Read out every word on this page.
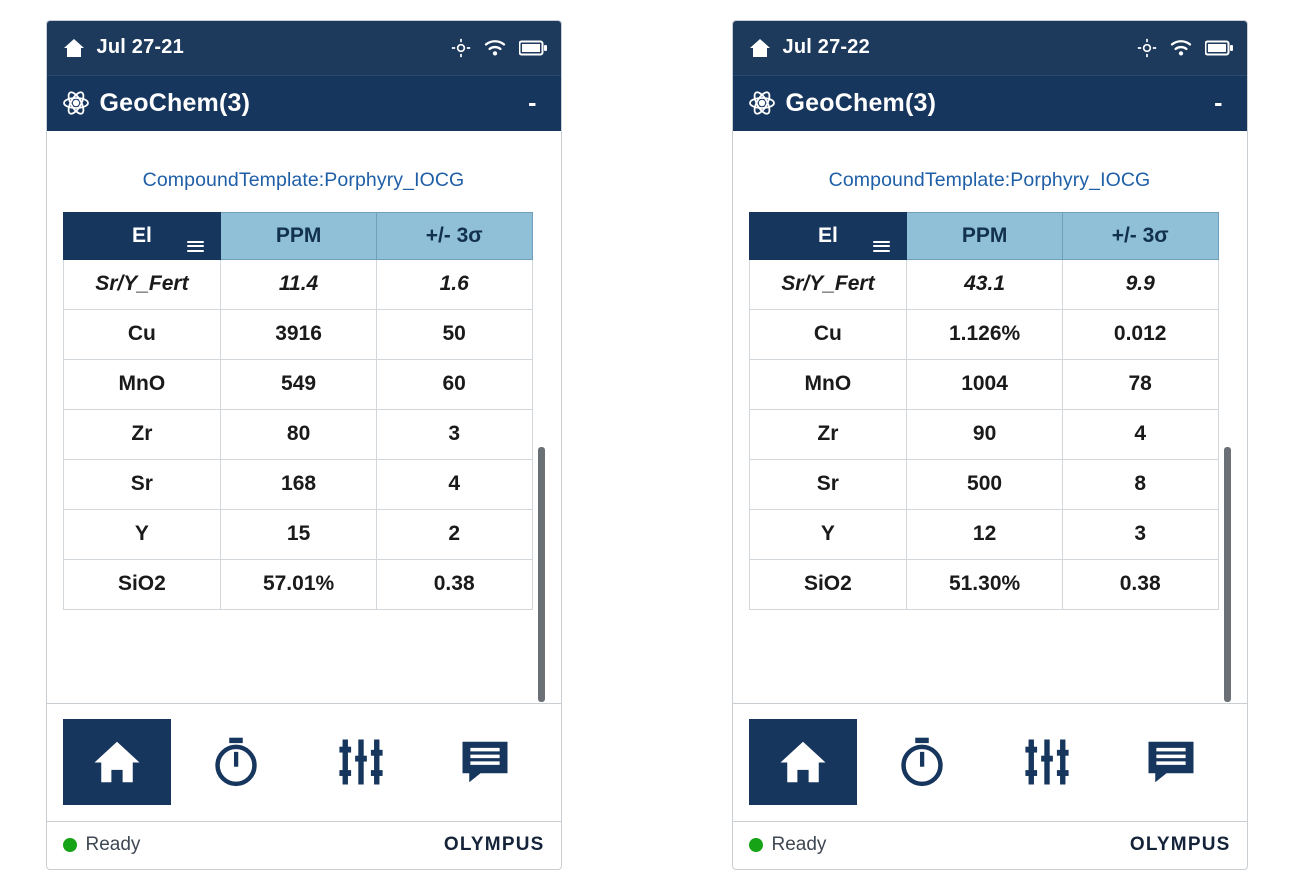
Jul 27-21
GeoChem(3)	-
CompoundTemplate:Porphyry_IOCG
El	PPM	+/- 3σ
Sr/Y_Fert	11.4	1.6
Cu	3916	50
MnO	549	60
Zr	80	3
Sr	168	4
Y	15	2
SiO2	57.01%	0.38
Ready	OLYMPUS
Jul 27-22
GeoChem(3)	-
CompoundTemplate:Porphyry_IOCG
El	PPM	+/- 3σ
Sr/Y_Fert	43.1	9.9
Cu	1.126%	0.012
MnO	1004	78
Zr	90	4
Sr	500	8
Y	12	3
SiO2	51.30%	0.38
Ready	OLYMPUS
